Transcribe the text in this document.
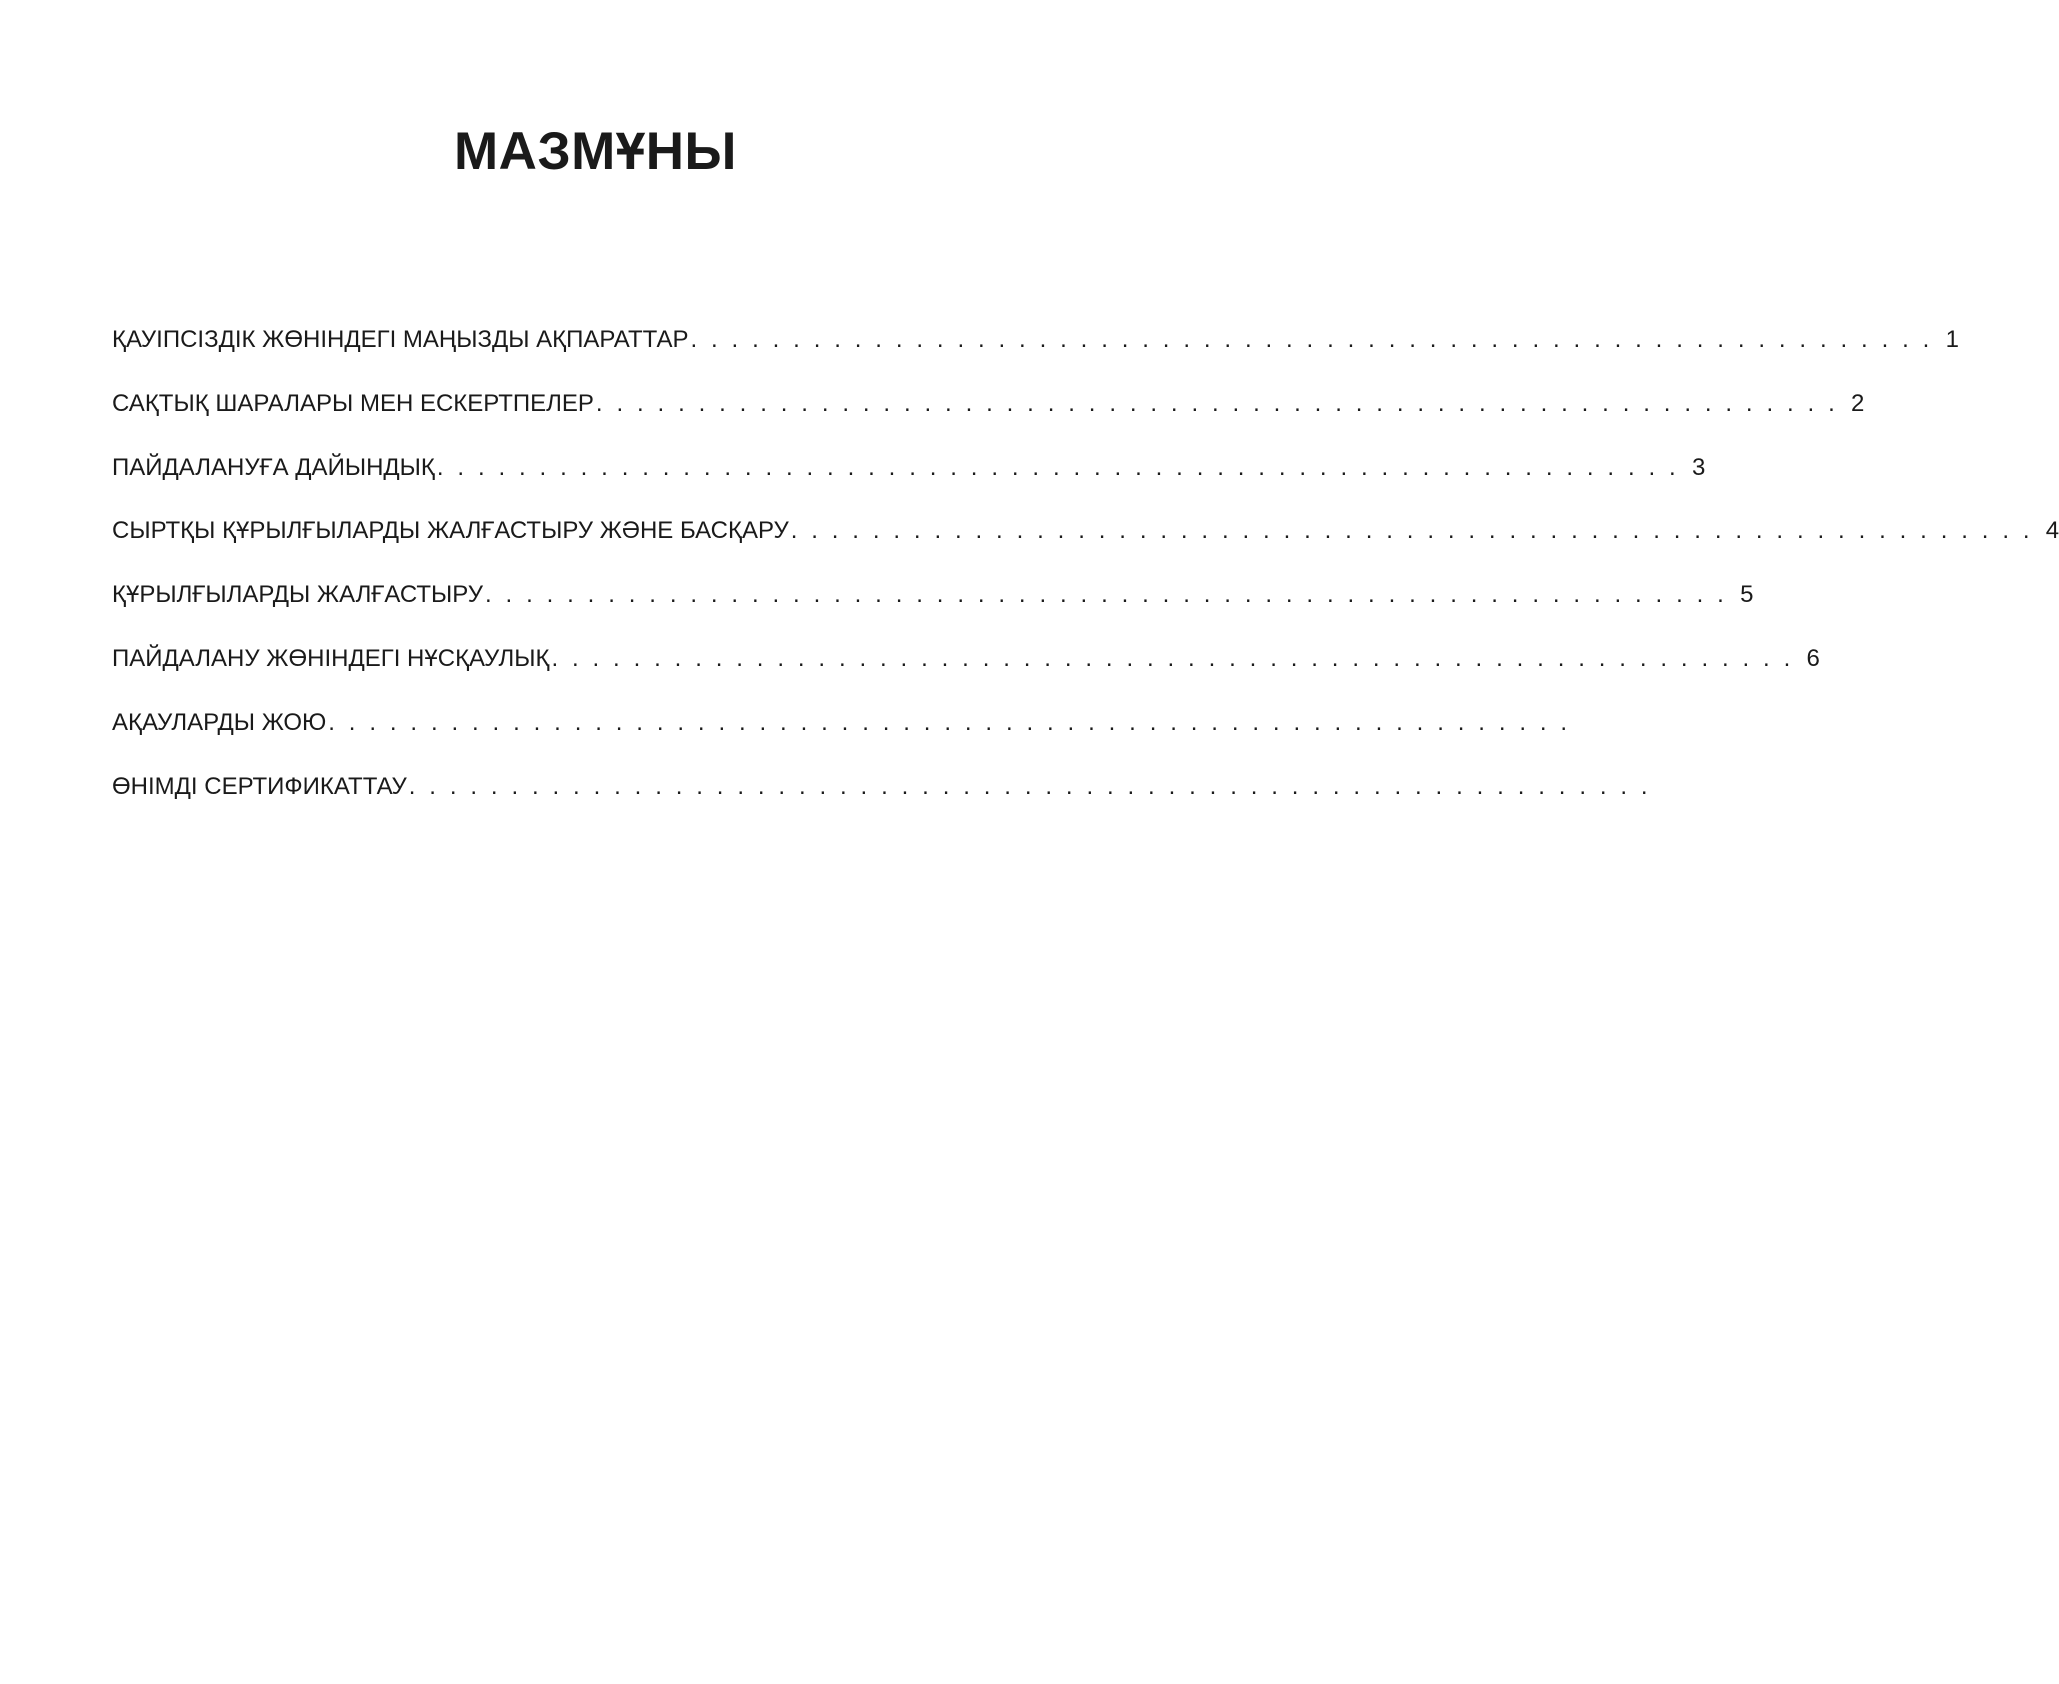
МАЗМҰНЫ
ҚАУІПСІЗДІК ЖӨНІНДЕГІ МАҢЫЗДЫ АҚПАРАТТАР . . . . . . . . . . . . . . . . . . . . . . . . . . . . . . . . . . . . . . . . . . . . . . . . . . . . . . . . . . . . . 1
САҚТЫҚ ШАРАЛАРЫ МЕН ЕСКЕРТПЕЛЕР . . . . . . . . . . . . . . . . . . . . . . . . . . . . . . . . . . . . . . . . . . . . . . . . . . . . . . . . . . . . . 2
ПАЙДАЛАНУҒА ДАЙЫНДЫҚ . . . . . . . . . . . . . . . . . . . . . . . . . . . . . . . . . . . . . . . . . . . . . . . . . . . . . . . . . . . . . 3
СЫРТҚЫ ҚҰРЫЛҒЫЛАРДЫ ЖАЛҒАСТЫРУ ЖӘНЕ БАСҚАРУ . . . . . . . . . . . . . . . . . . . . . . . . . . . . . . . . . . . . . . . . . . . . . . . . . . . . . . . . . . . . . 4
ҚҰРЫЛҒЫЛАРДЫ ЖАЛҒАСТЫРУ . . . . . . . . . . . . . . . . . . . . . . . . . . . . . . . . . . . . . . . . . . . . . . . . . . . . . . . . . . . . . 5
ПАЙДАЛАНУ ЖӨНІНДЕГІ НҰСҚАУЛЫҚ . . . . . . . . . . . . . . . . . . . . . . . . . . . . . . . . . . . . . . . . . . . . . . . . . . . . . . . . . . . . . 6
АҚАУЛАРДЫ ЖОЮ . . . . . . . . . . . . . . . . . . . . . . . . . . . . . . . . . . . . . . . . . . . . . . . . . . . . . . . . . . . . .
ӨНІМДІ СЕРТИФИКАТТАУ . . . . . . . . . . . . . . . . . . . . . . . . . . . . . . . . . . . . . . . . . . . . . . . . . . . . . . . . . . . . .
